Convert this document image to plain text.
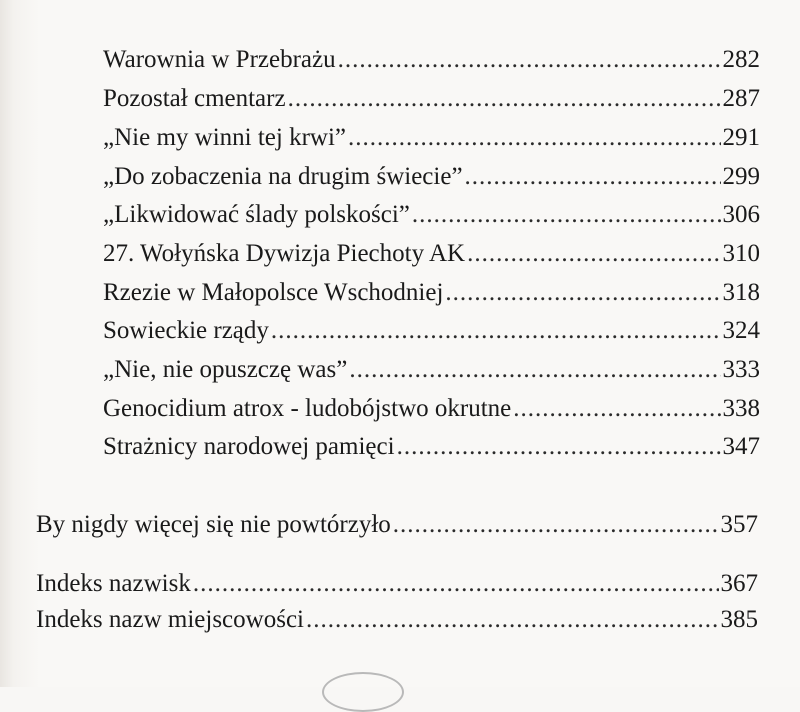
Warownia w Przebrażu .....	282
Pozostał cmentarz .....	287
„Nie my winni tej krwi” .....	291
„Do zobaczenia na drugim świecie” .....	299
„Likwidować ślady polskości” .....	306
27. Wołyńska Dywizja Piechoty AK .....	310
Rzezie w Małopolsce Wschodniej .....	318
Sowieckie rządy .....	324
„Nie, nie opuszczę was” .....	333
Genocidium atrox - ludobójstwo okrutne .....	338
Strażnicy narodowej pamięci .....	347
By nigdy więcej się nie powtórzyło .....	357
Indeks nazwisk .....	367
Indeks nazw miejscowości .....	385
